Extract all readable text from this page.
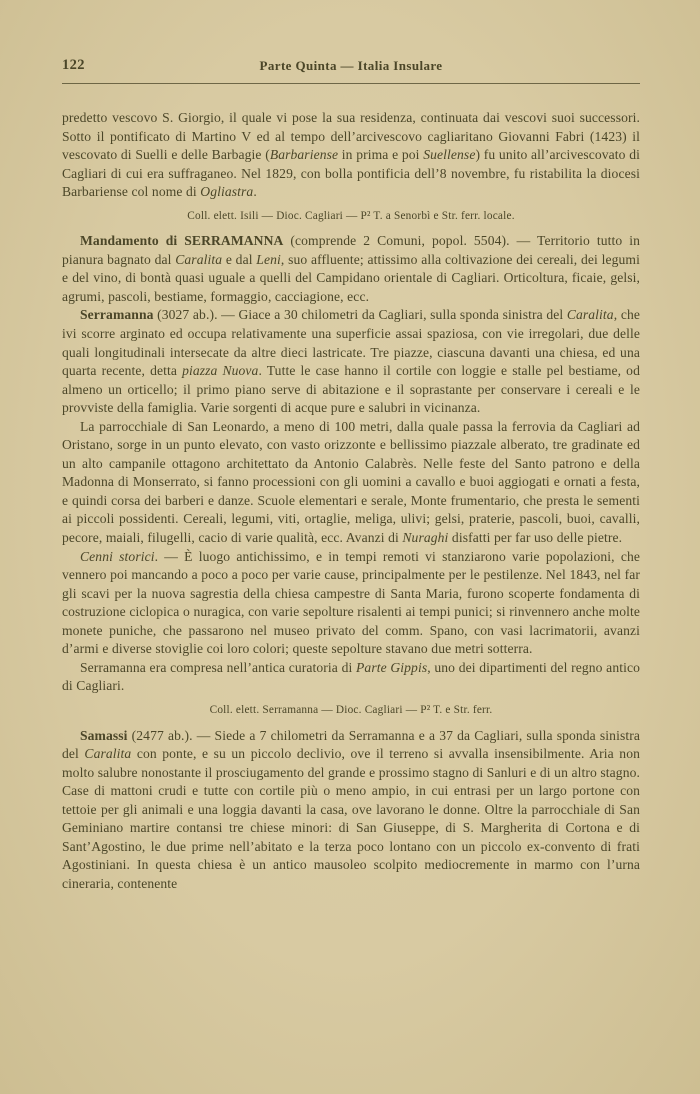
122	Parte Quinta — Italia Insulare

predetto vescovo S. Giorgio, il quale vi pose la sua residenza, continuata dai vescovi suoi successori. Sotto il pontificato di Martino V ed al tempo dell’arcivescovo cagliaritano Giovanni Fabri (1423) il vescovato di Suelli e delle Barbagie (Barbariense in prima e poi Suellense) fu unito all’arcivescovato di Cagliari di cui era suffraganeo. Nel 1829, con bolla pontificia dell’8 novembre, fu ristabilita la diocesi Barbariense col nome di Ogliastra.

Coll. elett. Isili — Dioc. Cagliari — P² T. a Senorbì e Str. ferr. locale.

Mandamento di SERRAMANNA (comprende 2 Comuni, popol. 5504). — Territorio tutto in pianura bagnato dal Caralita e dal Leni, suo affluente; attissimo alla coltivazione dei cereali, dei legumi e del vino, di bontà quasi uguale a quelli del Campidano orientale di Cagliari. Orticoltura, ficaie, gelsi, agrumi, pascoli, bestiame, formaggio, cacciagione, ecc.

Serramanna (3027 ab.). — Giace a 30 chilometri da Cagliari, sulla sponda sinistra del Caralita, che ivi scorre arginato ed occupa relativamente una superficie assai spaziosa, con vie irregolari, due delle quali longitudinali intersecate da altre dieci lastricate. Tre piazze, ciascuna davanti una chiesa, ed una quarta recente, detta piazza Nuova. Tutte le case hanno il cortile con loggie e stalle pel bestiame, od almeno un orticello; il primo piano serve di abitazione e il soprastante per conservare i cereali e le provviste della famiglia. Varie sorgenti di acque pure e salubri in vicinanza.

La parrocchiale di San Leonardo, a meno di 100 metri, dalla quale passa la ferrovia da Cagliari ad Oristano, sorge in un punto elevato, con vasto orizzonte e bellissimo piazzale alberato, tre gradinate ed un alto campanile ottagono architettato da Antonio Calabrès. Nelle feste del Santo patrono e della Madonna di Monserrato, si fanno processioni con gli uomini a cavallo e buoi aggiogati e ornati a festa, e quindi corsa dei barberi e danze. Scuole elementari e serale, Monte frumentario, che presta le sementi ai piccoli possidenti. Cereali, legumi, viti, ortaglie, meliga, ulivi; gelsi, praterie, pascoli, buoi, cavalli, pecore, maiali, filugelli, cacio di varie qualità, ecc. Avanzi di Nuraghi disfatti per far uso delle pietre.

Cenni storici. — È luogo antichissimo, e in tempi remoti vi stanziarono varie popolazioni, che vennero poi mancando a poco a poco per varie cause, principalmente per le pestilenze. Nel 1843, nel far gli scavi per la nuova sagrestia della chiesa campestre di Santa Maria, furono scoperte fondamenta di costruzione ciclopica o nuragica, con varie sepolture risalenti ai tempi punici; si rinvennero anche molte monete puniche, che passarono nel museo privato del comm. Spano, con vasi lacrimatorii, avanzi d’armi e diverse stoviglie coi loro colori; queste sepolture stavano due metri sotterra.

Serramanna era compresa nell’antica curatoria di Parte Gippis, uno dei dipartimenti del regno antico di Cagliari.

Coll. elett. Serramanna — Dioc. Cagliari — P² T. e Str. ferr.

Samassi (2477 ab.). — Siede a 7 chilometri da Serramanna e a 37 da Cagliari, sulla sponda sinistra del Caralita con ponte, e su un piccolo declivio, ove il terreno si avvalla insensibilmente. Aria non molto salubre nonostante il prosciugamento del grande e prossimo stagno di Sanluri e di un altro stagno. Case di mattoni crudi e tutte con cortile più o meno ampio, in cui entrasi per un largo portone con tettoie per gli animali e una loggia davanti la casa, ove lavorano le donne. Oltre la parrocchiale di San Geminiano martire contansi tre chiese minori: di San Giuseppe, di S. Margherita di Cortona e di Sant’Agostino, le due prime nell’abitato e la terza poco lontano con un piccolo ex-convento di frati Agostiniani. In questa chiesa è un antico mausoleo scolpito mediocremente in marmo con l’urna cineraria, contenente
